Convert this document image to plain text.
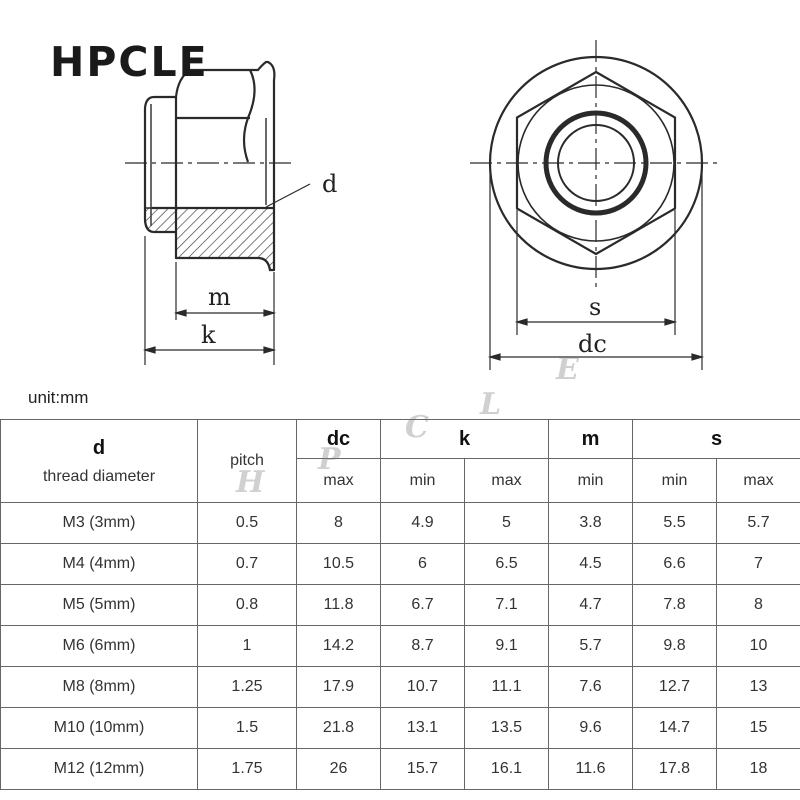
d
m
k
s
dc
HPCLE
unit:mm
d
thread diameter	pitch	dc	k		m	s	
		max	min	max	min	min	max
M3 (3mm)	0.5	8	4.9	5	3.8	5.5	5.7
M4 (4mm)	0.7	10.5	6	6.5	4.5	6.6	7
M5 (5mm)	0.8	11.8	6.7	7.1	4.7	7.8	8
M6 (6mm)	1	14.2	8.7	9.1	5.7	9.8	10
M8 (8mm)	1.25	17.9	10.7	11.1	7.6	12.7	13
M10 (10mm)	1.5	21.8	13.1	13.5	9.6	14.7	15
M12 (12mm)	1.75	26	15.7	16.1	11.6	17.8	18
H
P
C
L
E
